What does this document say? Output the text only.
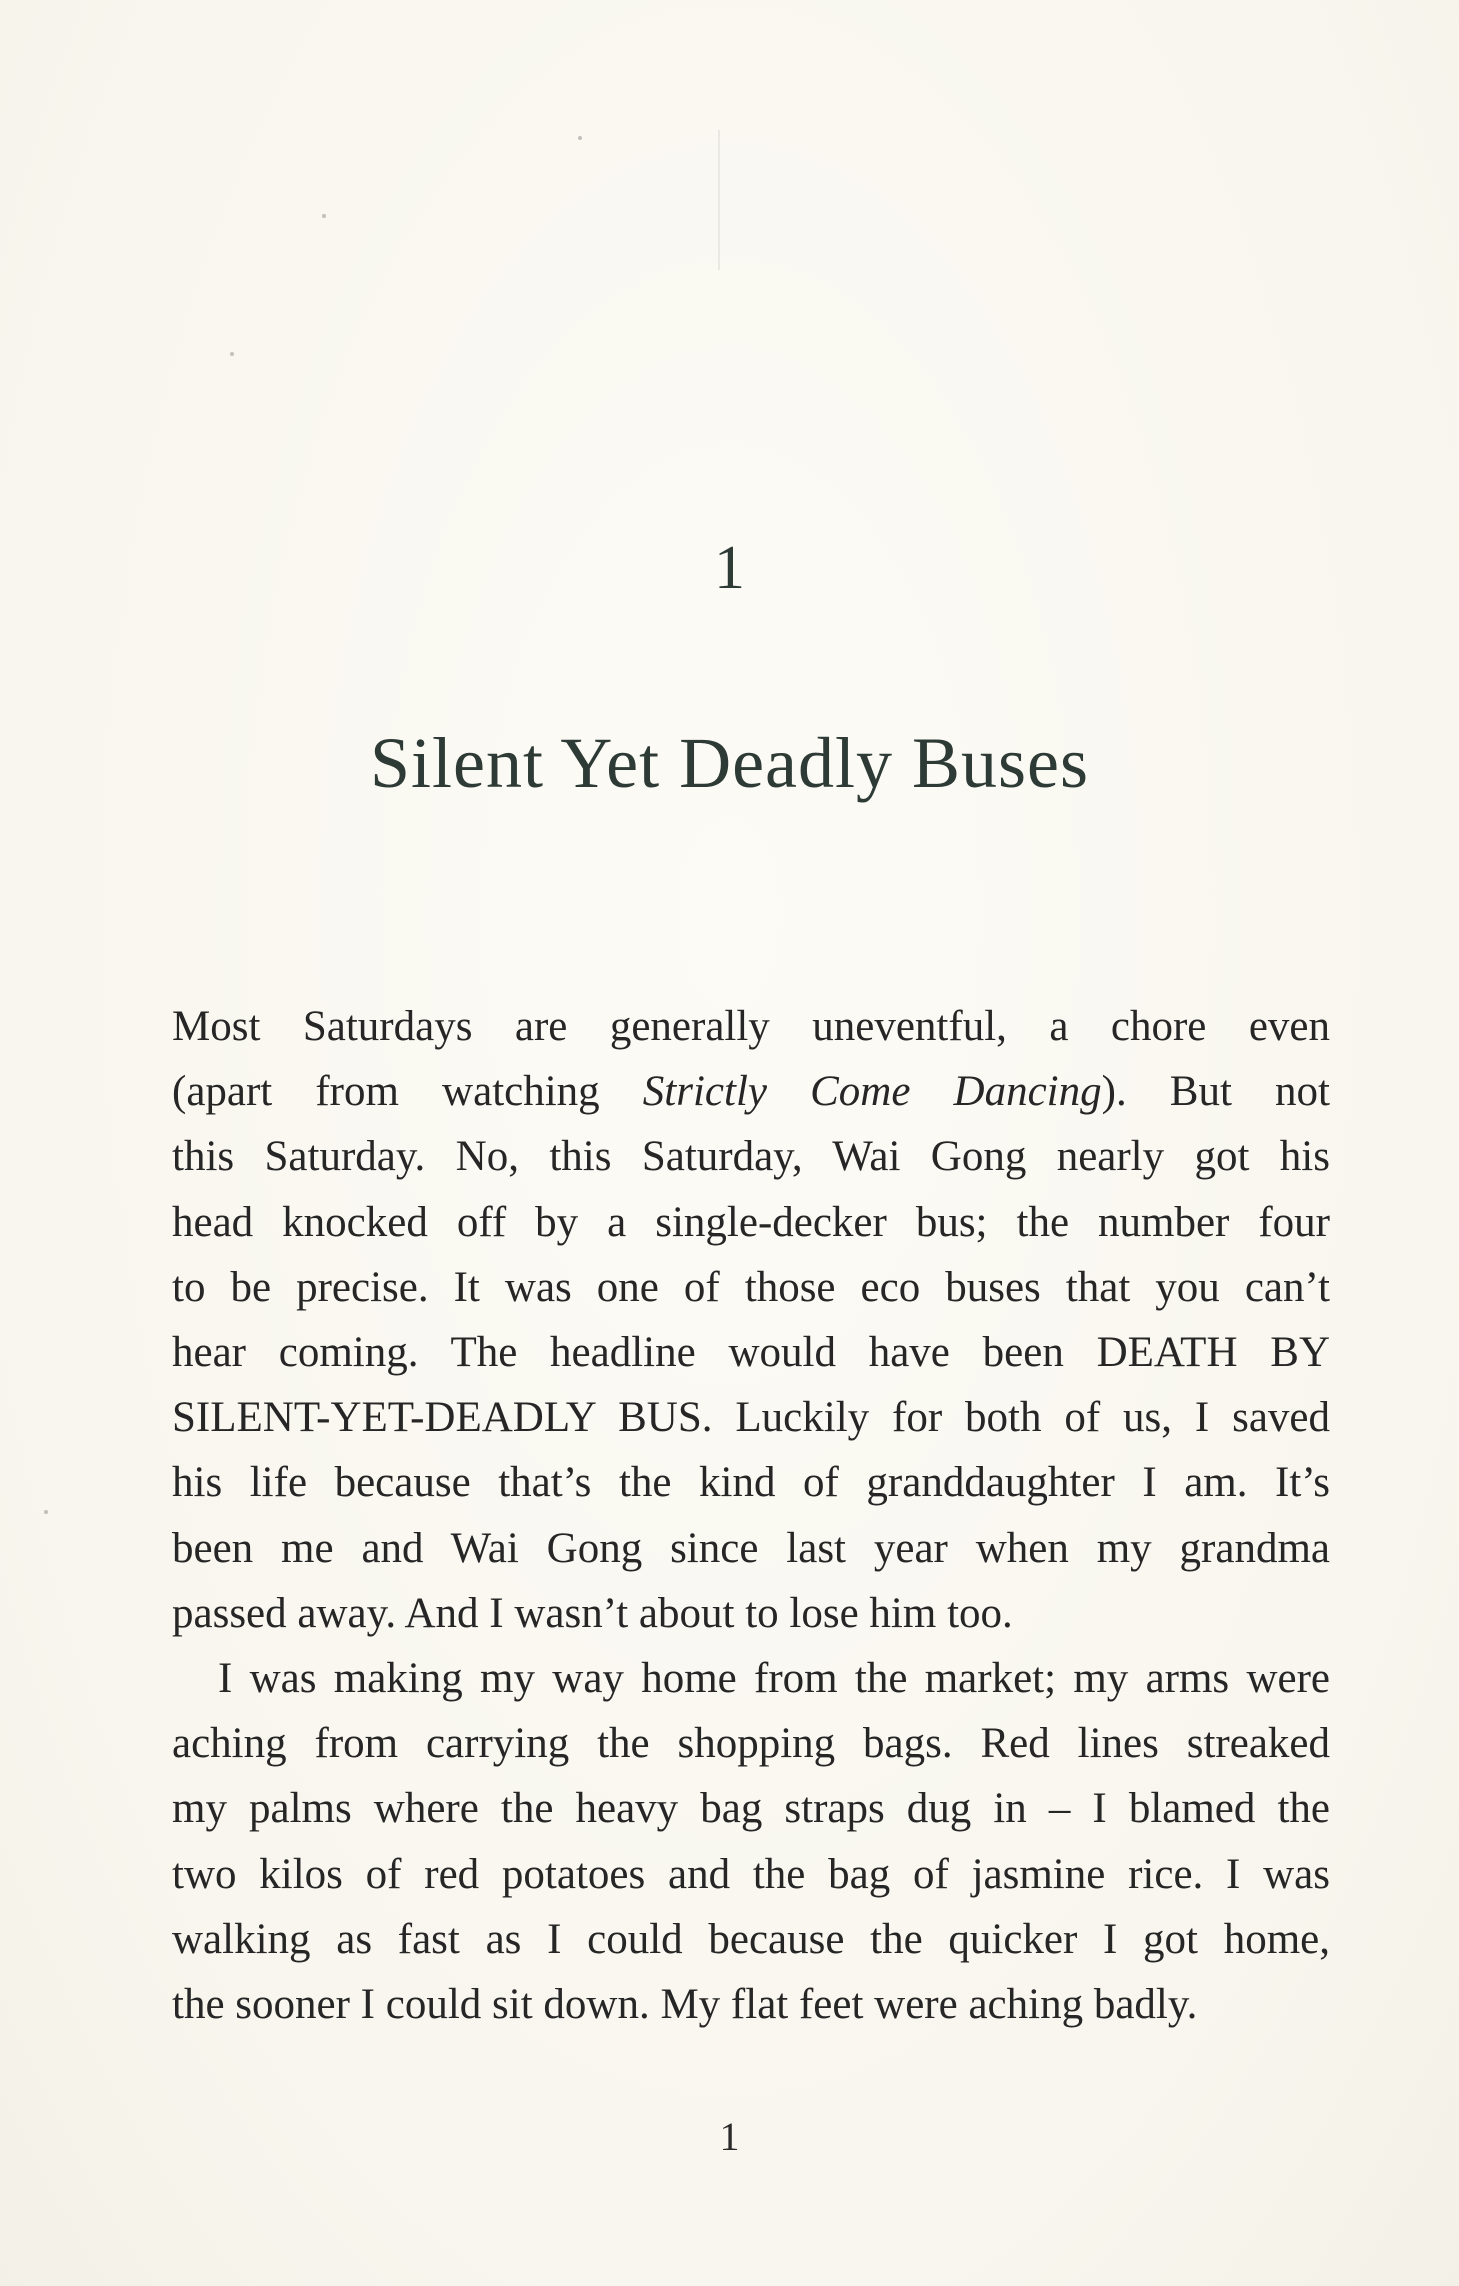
1
Silent Yet Deadly Buses
Most Saturdays are generally uneventful, a chore even
(apart from watching Strictly Come Dancing). But not
this Saturday. No, this Saturday, Wai Gong nearly got his
head knocked off by a single-decker bus; the number four
to be precise. It was one of those eco buses that you can’t
hear coming. The headline would have been DEATH BY
SILENT-YET-DEADLY BUS. Luckily for both of us, I saved
his life because that’s the kind of granddaughter I am. It’s
been me and Wai Gong since last year when my grandma
passed away. And I wasn’t about to lose him too.
I was making my way home from the market; my arms were
aching from carrying the shopping bags. Red lines streaked
my palms where the heavy bag straps dug in – I blamed the
two kilos of red potatoes and the bag of jasmine rice. I was
walking as fast as I could because the quicker I got home,
the sooner I could sit down. My flat feet were aching badly.
1
